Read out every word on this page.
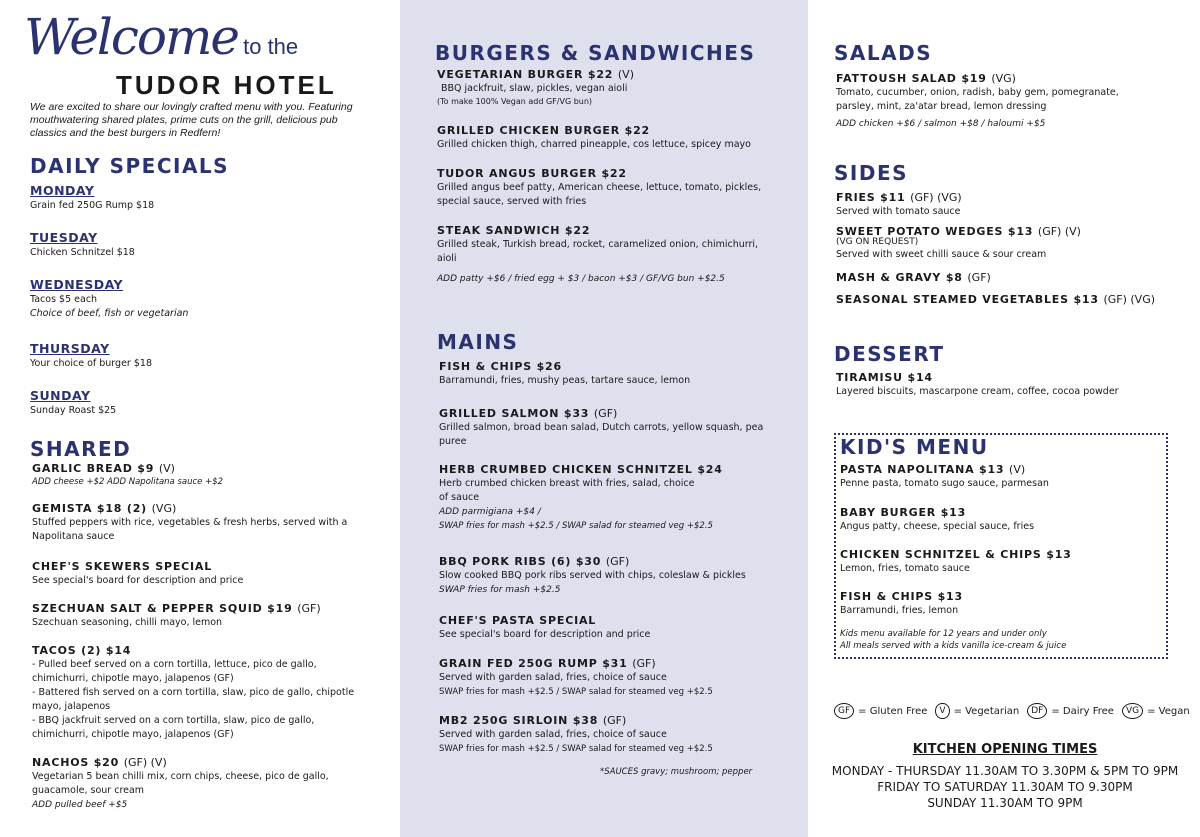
Welcome to the
TUDOR HOTEL
We are excited to share our lovingly crafted menu with you. Featuring mouthwatering shared plates, prime cuts on the grill, delicious pub classics and the best burgers in Redfern!
DAILY SPECIALS
MONDAY
Grain fed 250G Rump $18
TUESDAY
Chicken Schnitzel $18
WEDNESDAY
Tacos $5 each
Choice of beef, fish or vegetarian
THURSDAY
Your choice of burger $18
SUNDAY
Sunday Roast $25
SHARED
GARLIC BREAD $9 (V)
ADD cheese +$2 ADD Napolitana sauce +$2
GEMISTA $18 (2) (VG)
Stuffed peppers with rice, vegetables & fresh herbs, served with a
Napolitana sauce
CHEF'S SKEWERS SPECIAL
See special's board for description and price
SZECHUAN SALT & PEPPER SQUID $19 (GF)
Szechuan seasoning, chilli mayo, lemon
TACOS (2) $14
- Pulled beef served on a corn tortilla, lettuce, pico de gallo,
chimichurri, chipotle mayo, jalapenos (GF)
- Battered fish served on a corn tortilla, slaw, pico de gallo, chipotle
mayo, jalapenos
- BBQ jackfruit served on a corn tortilla, slaw, pico de gallo,
chimichurri, chipotle mayo, jalapenos (GF)
NACHOS $20 (GF) (V)
Vegetarian 5 bean chilli mix, corn chips, cheese, pico de gallo,
guacamole, sour cream
ADD pulled beef +$5
BURGERS & SANDWICHES
VEGETARIAN BURGER $22 (V)
BBQ jackfruit, slaw, pickles, vegan aioli
(To make 100% Vegan add GF/VG bun)
GRILLED CHICKEN BURGER $22
Grilled chicken thigh, charred pineapple, cos lettuce, spicey mayo
TUDOR ANGUS BURGER $22
Grilled angus beef patty, American cheese, lettuce, tomato, pickles,
special sauce, served with fries
STEAK SANDWICH $22
Grilled steak, Turkish bread, rocket, caramelized onion, chimichurri,
aioli
ADD patty +$6 / fried egg + $3 / bacon +$3 / GF/VG bun +$2.5
MAINS
FISH & CHIPS $26
Barramundi, fries, mushy peas, tartare sauce, lemon
GRILLED SALMON $33 (GF)
Grilled salmon, broad bean salad, Dutch carrots, yellow squash, pea
puree
HERB CRUMBED CHICKEN SCHNITZEL $24
Herb crumbed chicken breast with fries, salad, choice
of sauce
ADD parmigiana +$4 /
SWAP fries for mash +$2.5 / SWAP salad for steamed veg +$2.5
BBQ PORK RIBS (6) $30 (GF)
Slow cooked BBQ pork ribs served with chips, coleslaw & pickles
SWAP fries for mash +$2.5
CHEF'S PASTA SPECIAL
See special's board for description and price
GRAIN FED 250G RUMP $31 (GF)
Served with garden salad, fries, choice of sauce
SWAP fries for mash +$2.5 / SWAP salad for steamed veg +$2.5
MB2 250G SIRLOIN $38 (GF)
Served with garden salad, fries, choice of sauce
SWAP fries for mash +$2.5 / SWAP salad for steamed veg +$2.5
*SAUCES gravy; mushroom; pepper
SALADS
FATTOUSH SALAD $19 (VG)
Tomato, cucumber, onion, radish, baby gem, pomegranate,
parsley, mint, za'atar bread, lemon dressing
ADD chicken +$6 / salmon +$8 / haloumi +$5
SIDES
FRIES $11 (GF) (VG)
Served with tomato sauce
SWEET POTATO WEDGES $13 (GF) (V)
(VG ON REQUEST)
Served with sweet chilli sauce & sour cream
MASH & GRAVY $8 (GF)
SEASONAL STEAMED VEGETABLES $13 (GF) (VG)
DESSERT
TIRAMISU $14
Layered biscuits, mascarpone cream, coffee, cocoa powder
KID'S MENU
PASTA NAPOLITANA $13 (V)
Penne pasta, tomato sugo sauce, parmesan
BABY BURGER $13
Angus patty, cheese, special sauce, fries
CHICKEN SCHNITZEL & CHIPS $13
Lemon, fries, tomato sauce
FISH & CHIPS $13
Barramundi, fries, lemon
Kids menu available for 12 years and under only
All meals served with a kids vanilla ice-cream & juice
GF = Gluten Free	V = Vegetarian	DF = Dairy Free	VG = Vegan
KITCHEN OPENING TIMES
MONDAY - THURSDAY 11.30AM TO 3.30PM & 5PM TO 9PM
FRIDAY TO SATURDAY 11.30AM TO 9.30PM
SUNDAY 11.30AM TO 9PM
